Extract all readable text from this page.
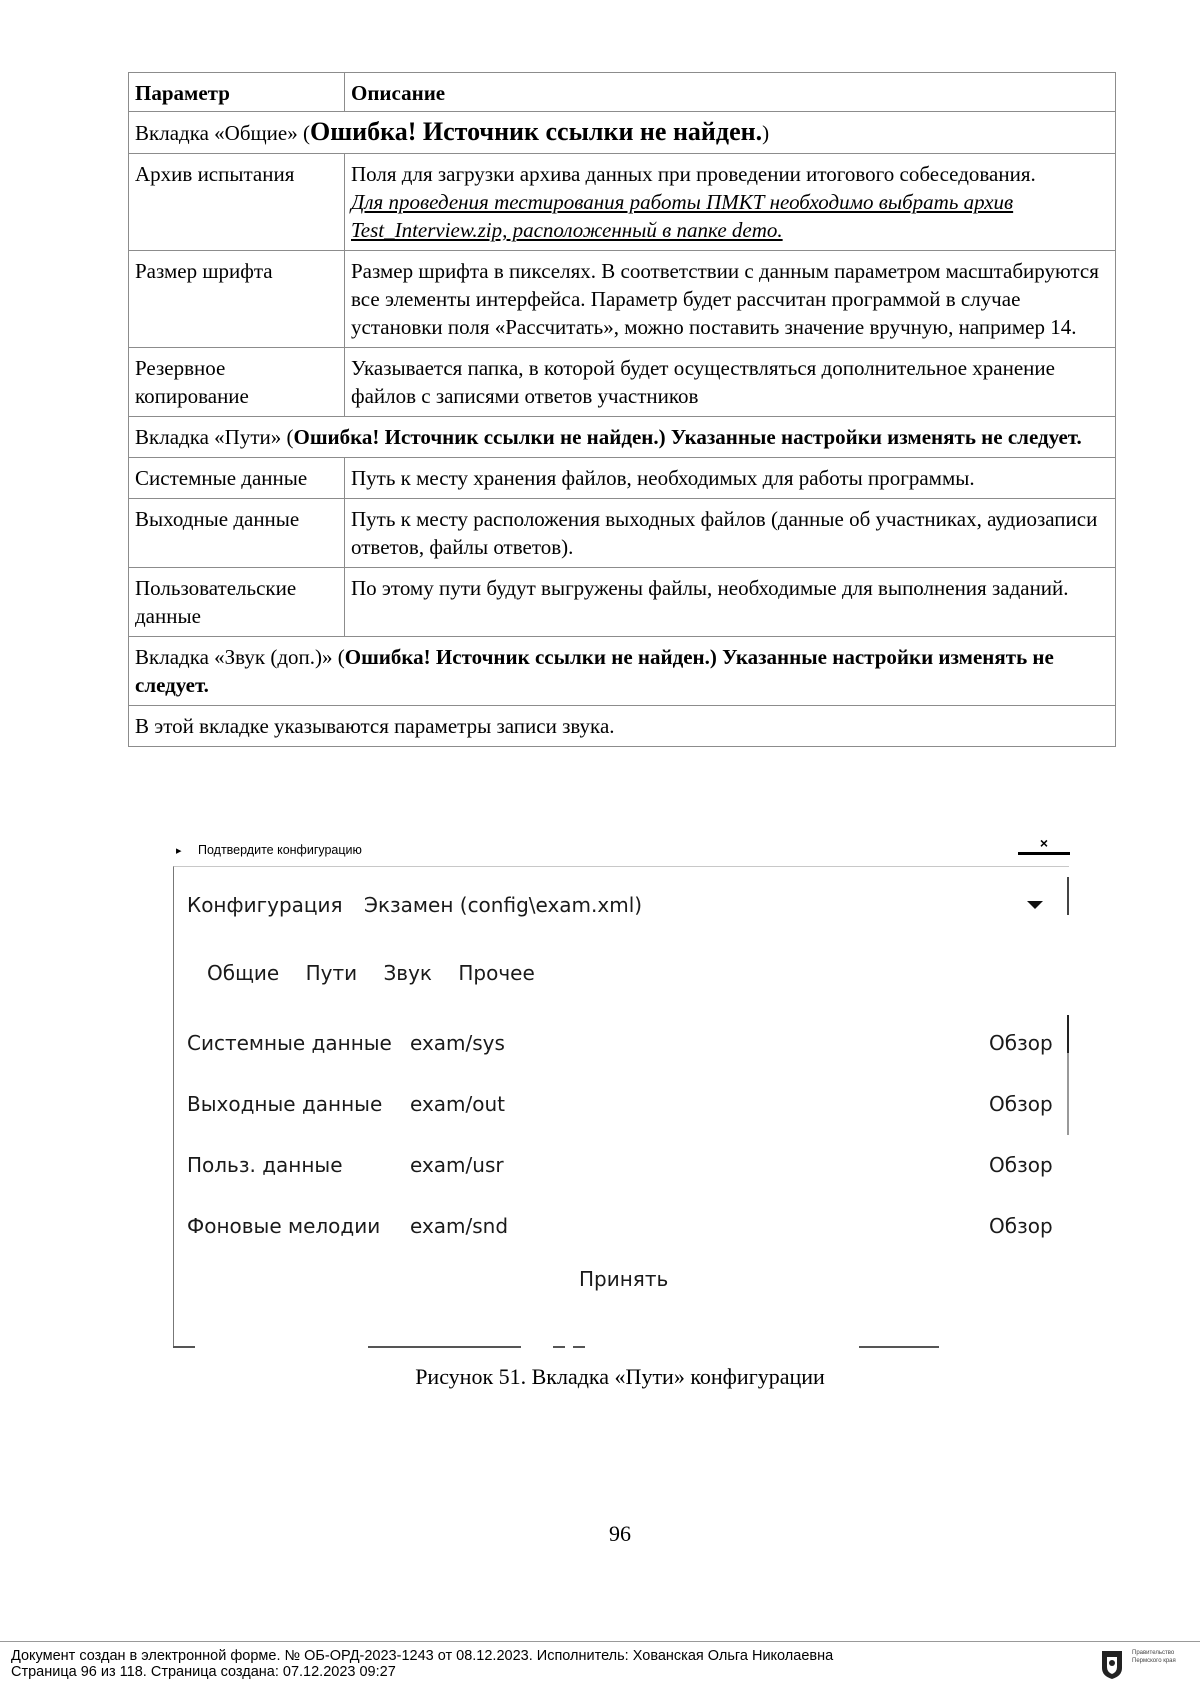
Параметр	Описание
Вкладка «Общие» (Ошибка! Источник ссылки не найден.)	
Архив испытания	Поля для загрузки архива данных при проведении итогового собеседования.
Для проведения тестирования работы ПМКТ необходимо выбрать архив Test_Interview.zip, расположенный в папке demo.
Размер шрифта	Размер шрифта в пикселях. В соответствии с данным параметром масштабируются все элементы интерфейса. Параметр будет рассчитан программой в случае установки поля «Рассчитать», можно поставить значение вручную, например 14.
Резервное копирование	Указывается папка, в которой будет осуществляться дополнительное хранение файлов с записями ответов участников
Вкладка «Пути» (Ошибка! Источник ссылки не найден.) Указанные настройки изменять не следует.	
Системные данные	Путь к месту хранения файлов, необходимых для работы программы.
Выходные данные	Путь к месту расположения выходных файлов (данные об участниках, аудиозаписи ответов, файлы ответов).
Пользовательские данные	По этому пути будут выгружены файлы, необходимые для выполнения заданий.
Вкладка «Звук (доп.)» (Ошибка! Источник ссылки не найден.) Указанные настройки изменять не следует.	
В этой вкладке указываются параметры записи звука.	
▸ Подтвердите конфигурацию	×
Конфигурация Экзамен (config\exam.xml)
Общие Пути Звук Прочее
Системные данные exam/sys	Обзор
Выходные данные exam/out	Обзор
Польз. данные	exam/usr	Обзор
Фоновые мелодии exam/snd	Обзор
Принять
Рисунок 51. Вкладка «Пути» конфигурации
96
Документ создан в электронной форме. № ОБ-ОРД-2023-1243 от 08.12.2023. Исполнитель: Хованская Ольга Николаевна
Страница 96 из 118. Страница создана: 07.12.2023 09:27
Правительство Пермского края
